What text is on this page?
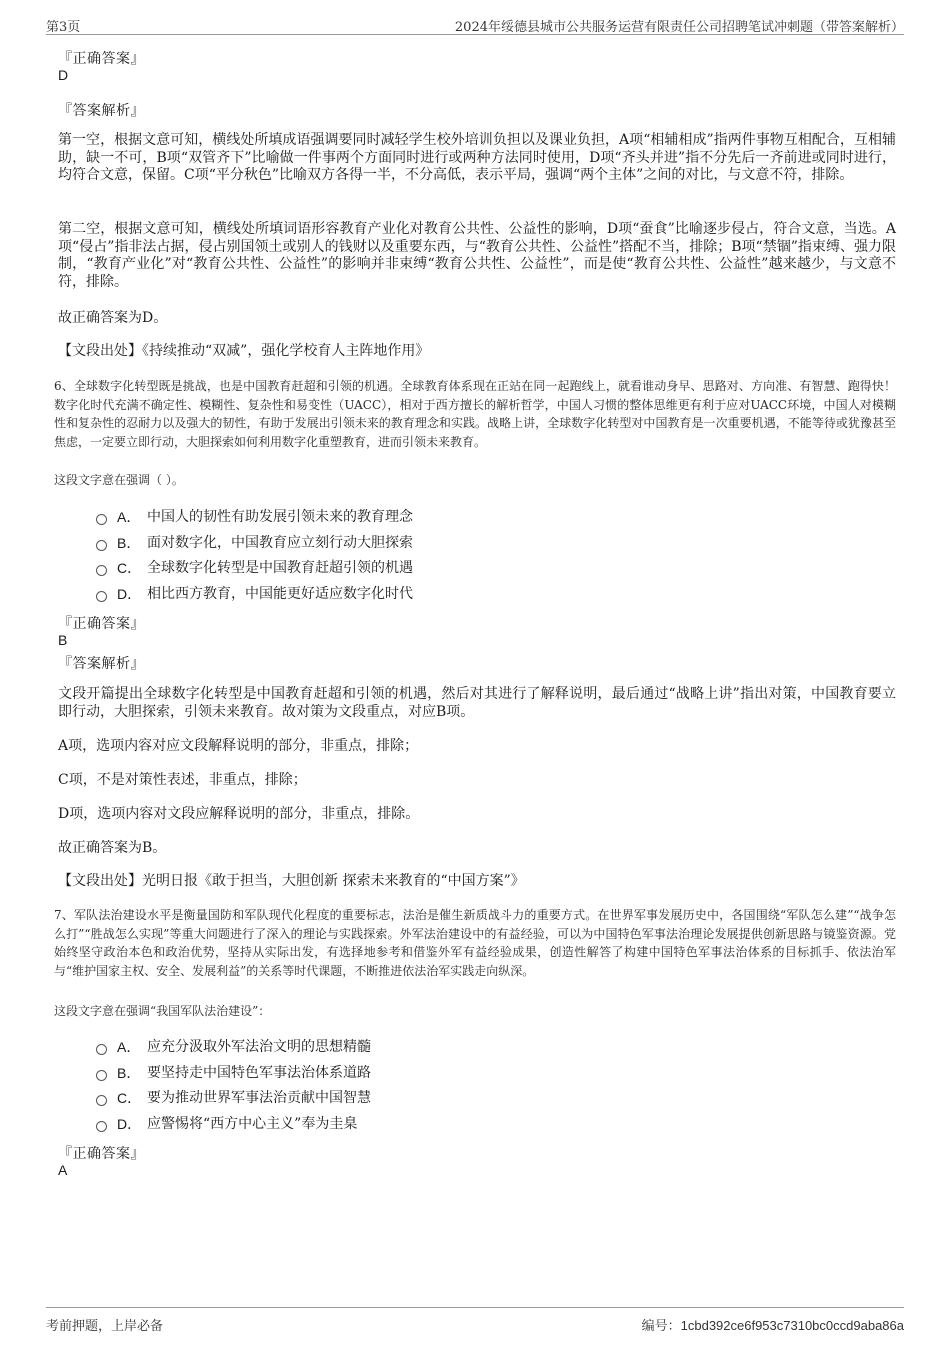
第3页	2024年绥德县城市公共服务运营有限责任公司招聘笔试冲刺题（带答案解析）
『正确答案』
D
『答案解析』
第一空，根据文意可知，横线处所填成语强调要同时减轻学生校外培训负担以及课业负担，A项“相辅相成”指两件事物互相配合，互相辅助，缺一不可，B项“双管齐下”比喻做一件事两个方面同时进行或两种方法同时使用，D项“齐头并进”指不分先后一齐前进或同时进行，均符合文意，保留。C项“平分秋色”比喻双方各得一半，不分高低，表示平局，强调“两个主体”之间的对比，与文意不符，排除。
第二空，根据文意可知，横线处所填词语形容教育产业化对教育公共性、公益性的影响，D项“蚕食”比喻逐步侵占，符合文意，当选。A项“侵占”指非法占据，侵占别国领土或别人的钱财以及重要东西，与“教育公共性、公益性”搭配不当，排除；B项“禁锢”指束缚、强力限制，“教育产业化”对“教育公共性、公益性”的影响并非束缚“教育公共性、公益性”，而是使“教育公共性、公益性”越来越少，与文意不符，排除。
故正确答案为D。
【文段出处】《持续推动“双减”，强化学校育人主阵地作用》
6、全球数字化转型既是挑战，也是中国教育赶超和引领的机遇。全球教育体系现在正站在同一起跑线上，就看谁动身早、思路对、方向准、有智慧、跑得快！数字化时代充满不确定性、模糊性、复杂性和易变性（UACC），相对于西方擅长的解析哲学，中国人习惯的整体思维更有利于应对UACC环境，中国人对模糊性和复杂性的忍耐力以及强大的韧性，有助于发展出引领未来的教育理念和实践。战略上讲，全球数字化转型对中国教育是一次重要机遇，不能等待或犹豫甚至焦虑，一定要立即行动，大胆探索如何利用数字化重塑教育，进而引领未来教育。
这段文字意在强调（ ）。
A． 中国人的韧性有助发展引领未来的教育理念
B． 面对数字化，中国教育应立刻行动大胆探索
C． 全球数字化转型是中国教育赶超引领的机遇
D． 相比西方教育，中国能更好适应数字化时代
『正确答案』
B
『答案解析』
文段开篇提出全球数字化转型是中国教育赶超和引领的机遇，然后对其进行了解释说明，最后通过“战略上讲”指出对策，中国教育要立即行动，大胆探索，引领未来教育。故对策为文段重点，对应B项。
A项，选项内容对应文段解释说明的部分，非重点，排除；
C项，不是对策性表述，非重点，排除；
D项，选项内容对文段应解释说明的部分，非重点，排除。
故正确答案为B。
【文段出处】光明日报《敢于担当，大胆创新 探索未来教育的“中国方案”》
7、军队法治建设水平是衡量国防和军队现代化程度的重要标志，法治是催生新质战斗力的重要方式。在世界军事发展历史中，各国围绕“军队怎么建”“战争怎么打”“胜战怎么实现”等重大问题进行了深入的理论与实践探索。外军法治建设中的有益经验，可以为中国特色军事法治理论发展提供创新思路与镜鉴资源。党始终坚守政治本色和政治优势，坚持从实际出发，有选择地参考和借鉴外军有益经验成果，创造性解答了构建中国特色军事法治体系的目标抓手、依法治军与“维护国家主权、安全、发展利益”的关系等时代课题，不断推进依法治军实践走向纵深。
这段文字意在强调“我国军队法治建设”：
A． 应充分汲取外军法治文明的思想精髓
B． 要坚持走中国特色军事法治体系道路
C． 要为推动世界军事法治贡献中国智慧
D． 应警惕将“西方中心主义”奉为圭臬
『正确答案』
A
考前押题，上岸必备	编号：1cbd392ce6f953c7310bc0ccd9aba86a
